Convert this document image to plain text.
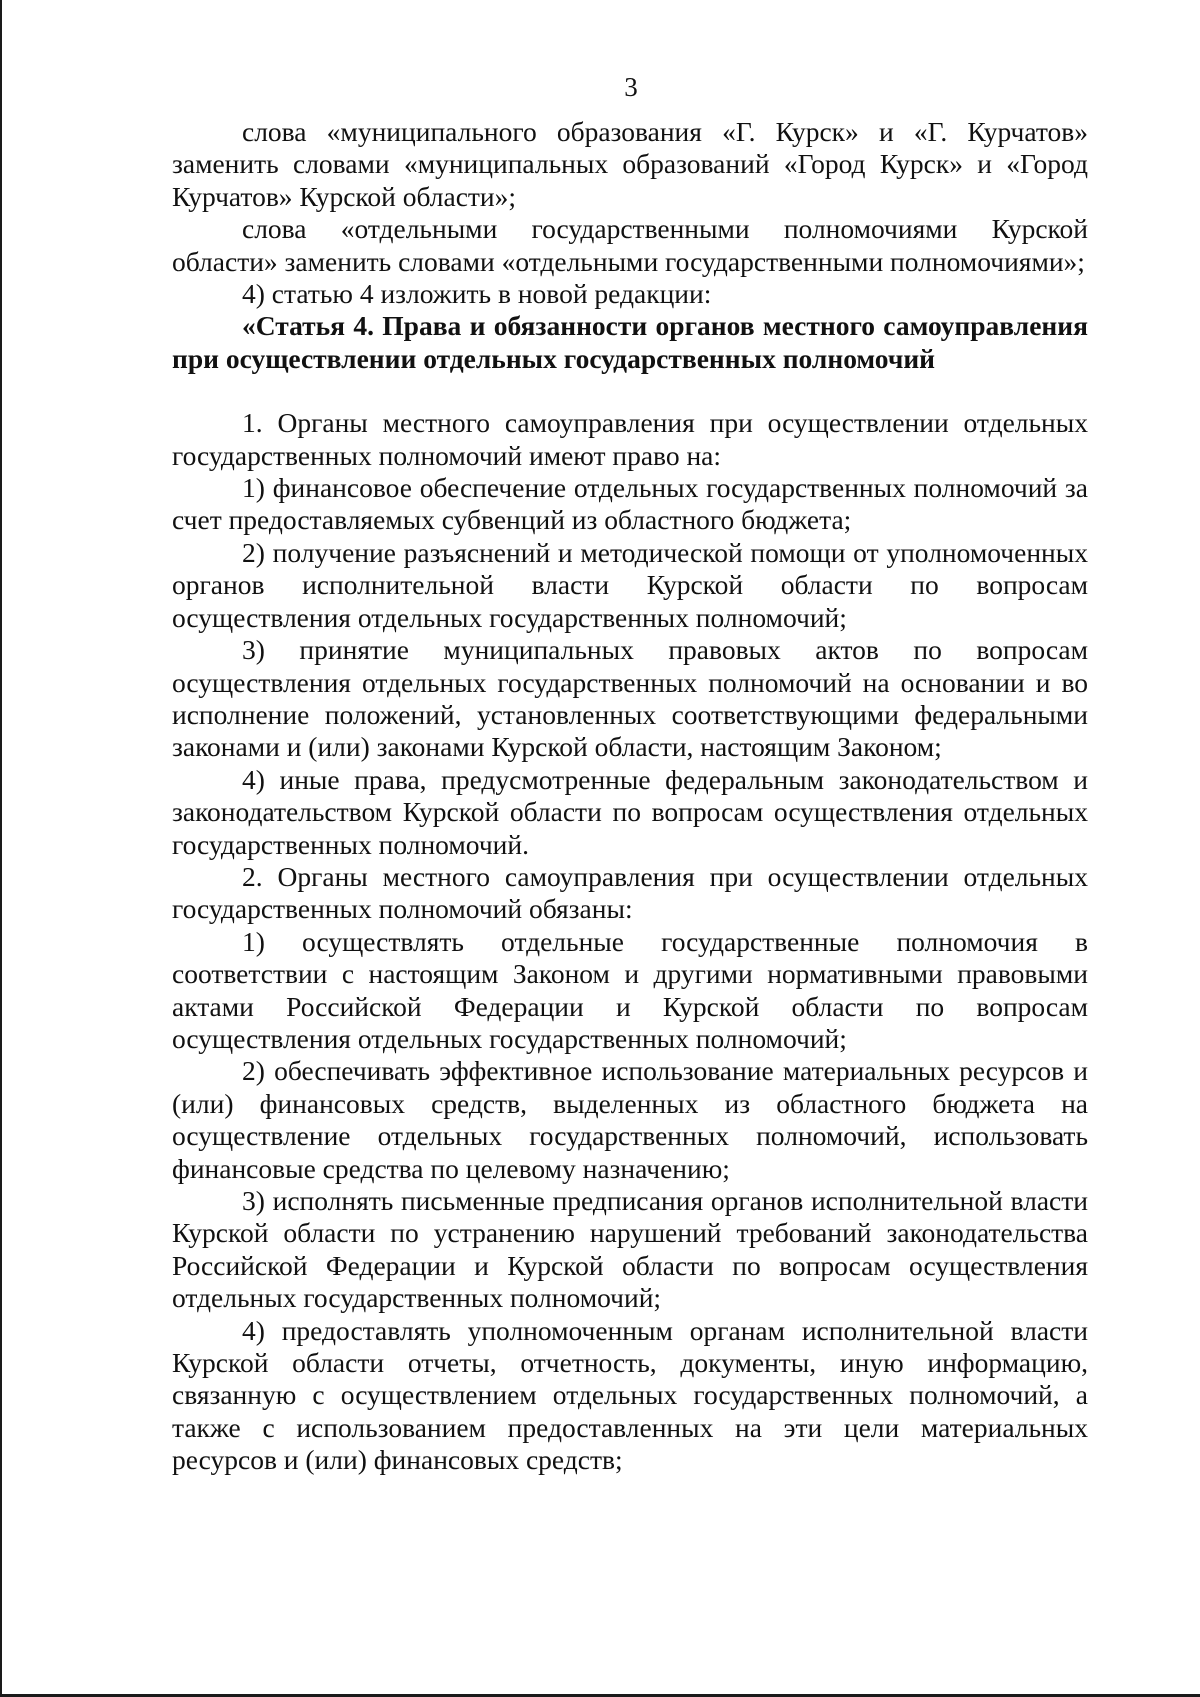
3

слова «муниципального образования «Г. Курск» и «Г. Курчатов» заменить словами «муниципальных образований «Город Курск» и «Город Курчатов» Курской области»;

слова «отдельными государственными полномочиями Курской области» заменить словами «отдельными государственными полномочиями»;

4) статью 4 изложить в новой редакции:

«Статья 4. Права и обязанности органов местного самоуправления при осуществлении отдельных государственных полномочий

1. Органы местного самоуправления при осуществлении отдельных государственных полномочий имеют право на:

1) финансовое обеспечение отдельных государственных полномочий за счет предоставляемых субвенций из областного бюджета;

2) получение разъяснений и методической помощи от уполномоченных органов исполнительной власти Курской области по вопросам осуществления отдельных государственных полномочий;

3) принятие муниципальных правовых актов по вопросам осуществления отдельных государственных полномочий на основании и во исполнение положений, установленных соответствующими федеральными законами и (или) законами Курской области, настоящим Законом;

4) иные права, предусмотренные федеральным законодательством и законодательством Курской области по вопросам осуществления отдельных государственных полномочий.

2. Органы местного самоуправления при осуществлении отдельных государственных полномочий обязаны:

1) осуществлять отдельные государственные полномочия в соответствии с настоящим Законом и другими нормативными правовыми актами Российской Федерации и Курской области по вопросам осуществления отдельных государственных полномочий;

2) обеспечивать эффективное использование материальных ресурсов и (или) финансовых средств, выделенных из областного бюджета на осуществление отдельных государственных полномочий, использовать финансовые средства по целевому назначению;

3) исполнять письменные предписания органов исполнительной власти Курской области по устранению нарушений требований законодательства Российской Федерации и Курской области по вопросам осуществления отдельных государственных полномочий;

4) предоставлять уполномоченным органам исполнительной власти Курской области отчеты, отчетность, документы, иную информацию, связанную с осуществлением отдельных государственных полномочий, а также с использованием предоставленных на эти цели материальных ресурсов и (или) финансовых средств;
